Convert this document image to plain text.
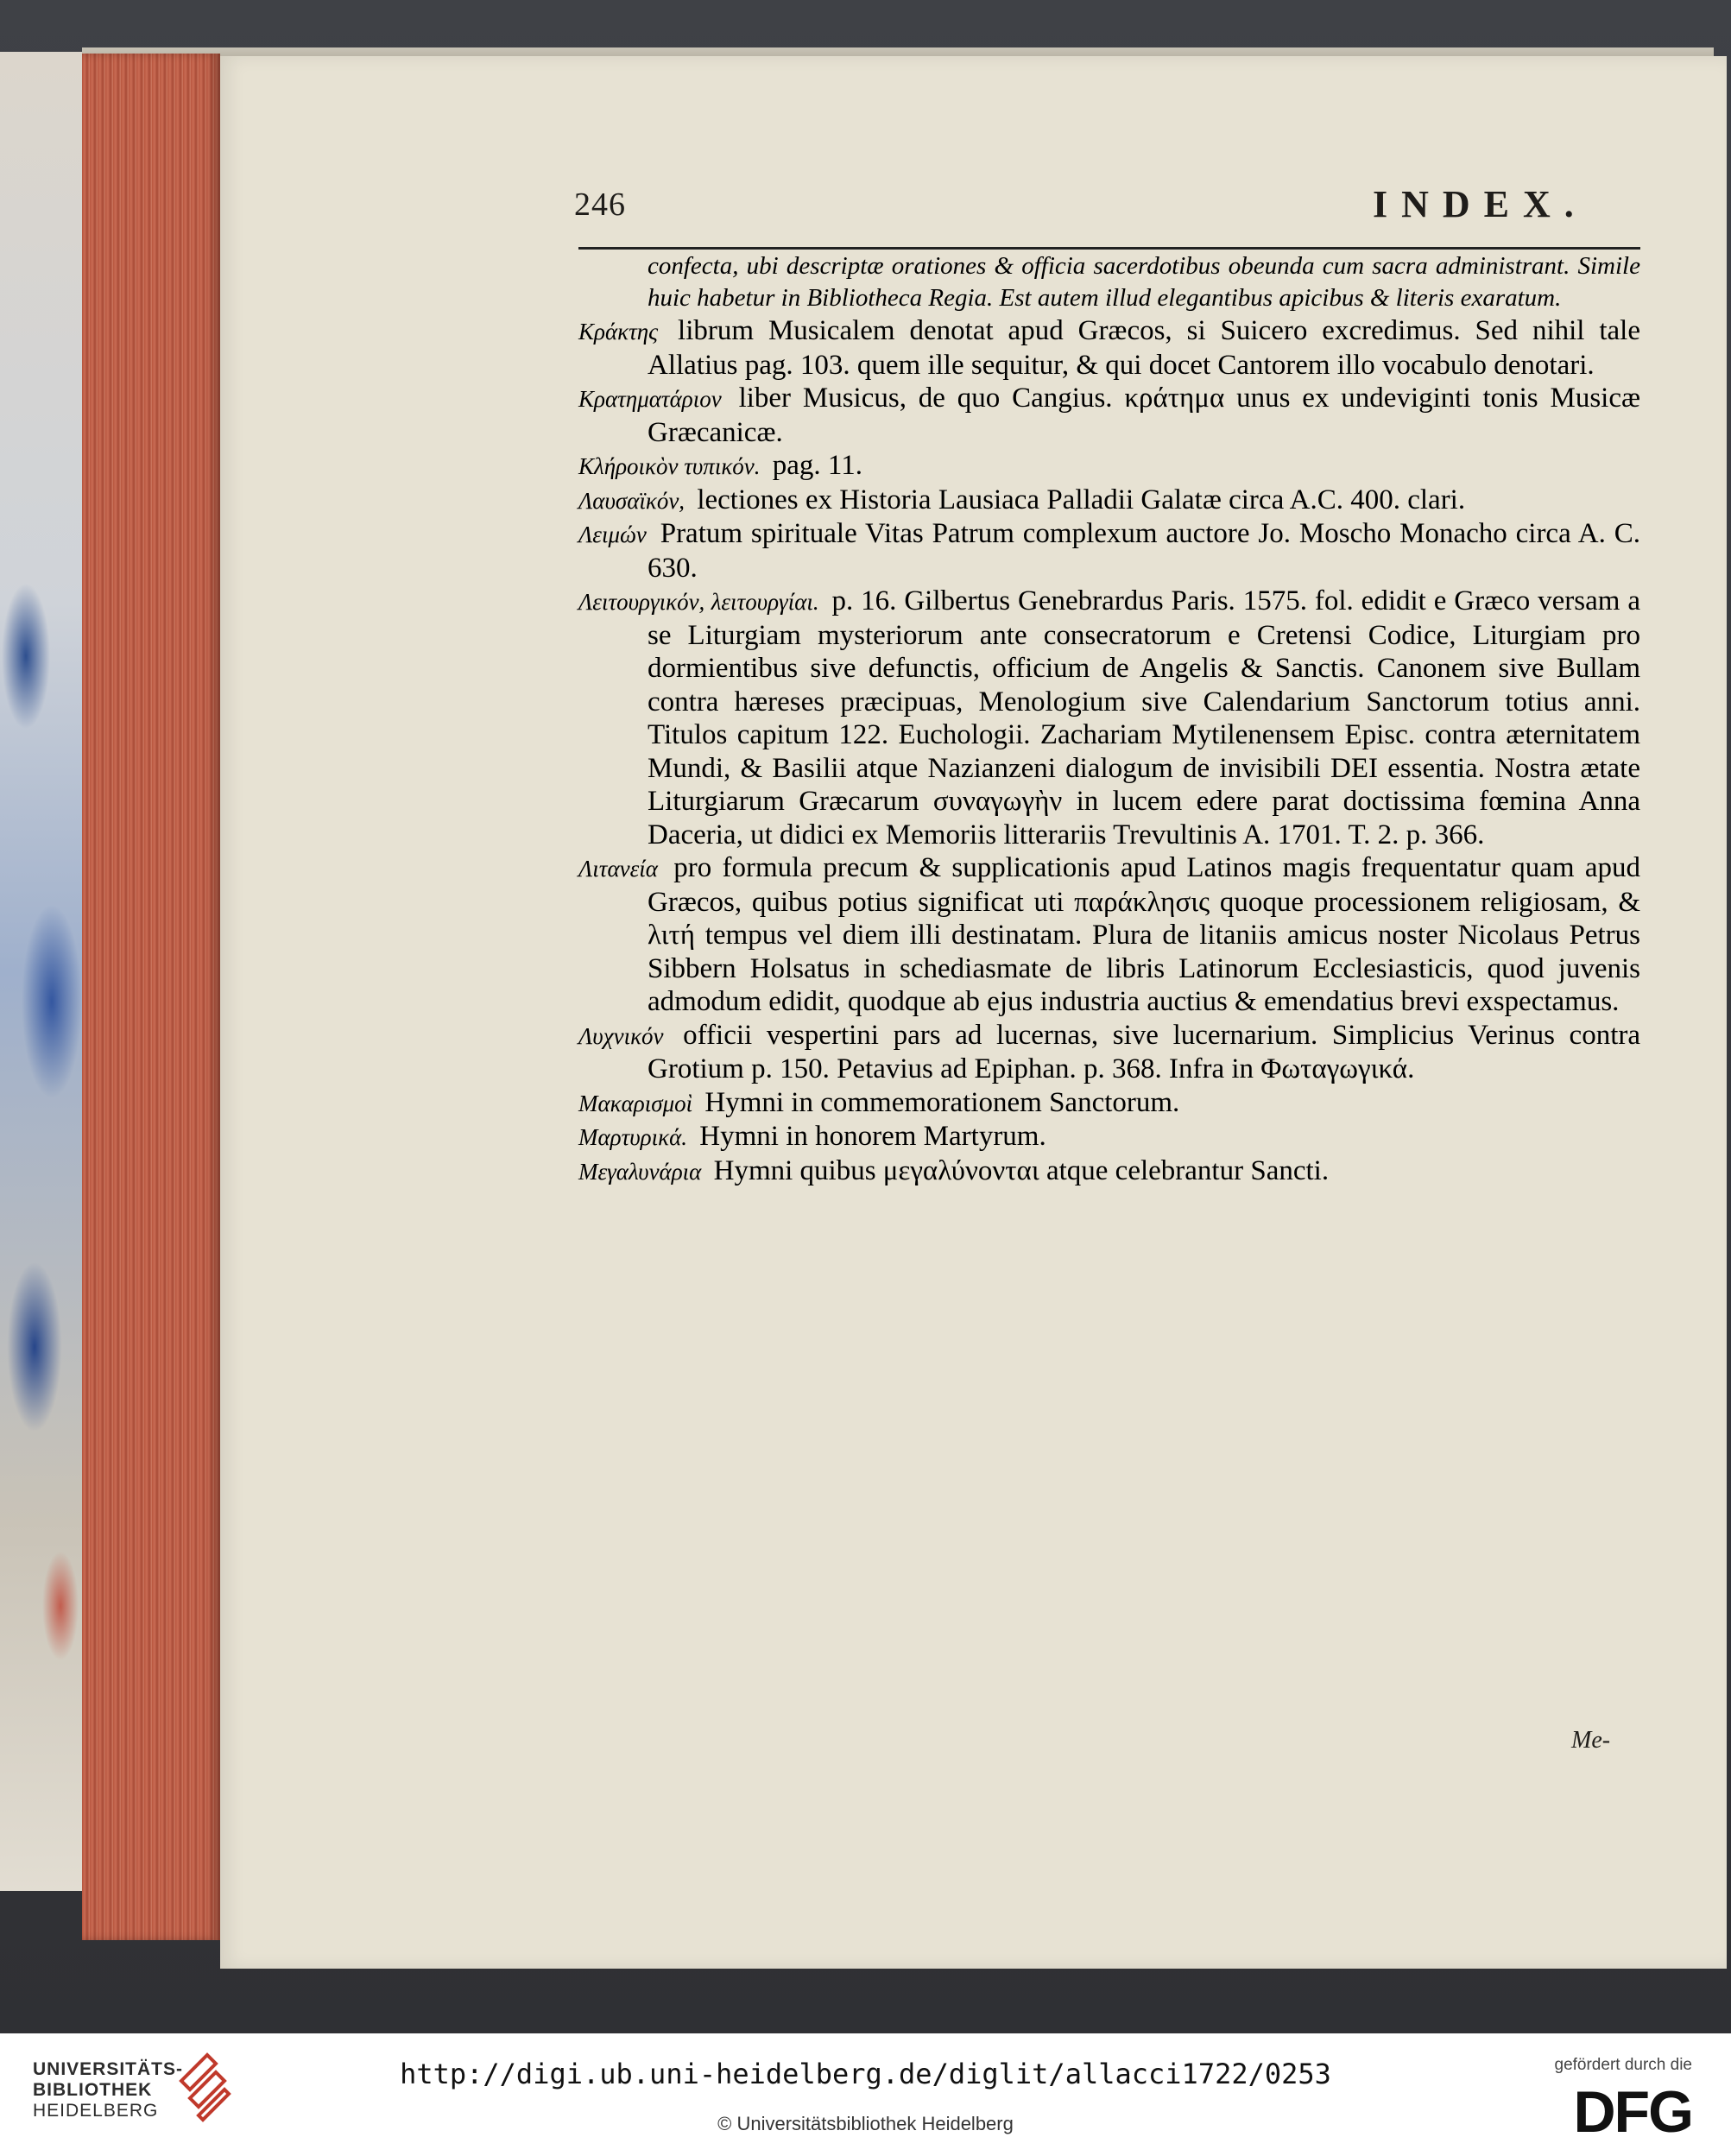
246	INDEX.

confecta, ubi descriptæ orationes & officia sacerdotibus obeunda cum sacra administrant. Simile huic habetur in Bibliotheca Regia. Est autem illud elegantibus apicibus & literis exaratum.

Κράκτης librum Musicalem denotat apud Græcos, si Suicero excredimus. Sed nihil tale Allatius pag. 103. quem ille sequitur, & qui docet Cantorem illo vocabulo denotari.

Κρατηματάριον liber Musicus, de quo Cangius. κράτημα unus ex undeviginti tonis Musicæ Græcanicæ.

Κλήροικὸν τυπικόν. pag. 11.

Λαυσαϊκόν, lectiones ex Historia Lausiaca Palladii Galatæ circa A.C. 400. clari.

Λειμών Pratum spirituale Vitas Patrum complexum auctore Jo. Moscho Monacho circa A. C. 630.

Λειτουργικόν, λειτουργίαι. p. 16. Gilbertus Genebrardus Paris. 1575. fol. edidit e Græco versam a se Liturgiam mysteriorum ante consecratorum e Cretensi Codice, Liturgiam pro dormientibus sive defunctis, officium de Angelis & Sanctis. Canonem sive Bullam contra hæreses præcipuas, Menologium sive Calendarium Sanctorum totius anni. Titulos capitum 122. Euchologii. Zachariam Mytilenensem Episc. contra æternitatem Mundi, & Basilii atque Nazianzeni dialogum de invisibili DEI essentia. Nostra ætate Liturgiarum Græcarum συναγωγὴν in lucem edere parat doctissima fœmina Anna Daceria, ut didici ex Memoriis litterariis Trevultinis A. 1701. T. 2. p. 366.

Λιτανεία pro formula precum & supplicationis apud Latinos magis frequentatur quam apud Græcos, quibus potius significat uti παράκλησις quoque processionem religiosam, & λιτή tempus vel diem illi destinatam. Plura de litaniis amicus noster Nicolaus Petrus Sibbern Holsatus in schediasmate de libris Latinorum Ecclesiasticis, quod juvenis admodum edidit, quodque ab ejus industria auctius & emendatius brevi exspectamus.

Λυχνικόν officii vespertini pars ad lucernas, sive lucernarium. Simplicius Verinus contra Grotium p. 150. Petavius ad Epiphan. p. 368. Infra in Φωταγωγικά.

Μακαρισμοὶ Hymni in commemorationem Sanctorum.

Μαρτυρικά. Hymni in honorem Martyrum.

Μεγαλυνάρια Hymni quibus μεγαλύνονται atque celebrantur Sancti.

Me-
UNIVERSITÄTS-
BIBLIOTHEK
HEIDELBERG
http://digi.ub.uni-heidelberg.de/diglit/allacci1722/0253
© Universitätsbibliothek Heidelberg
gefördert durch die
DFG
